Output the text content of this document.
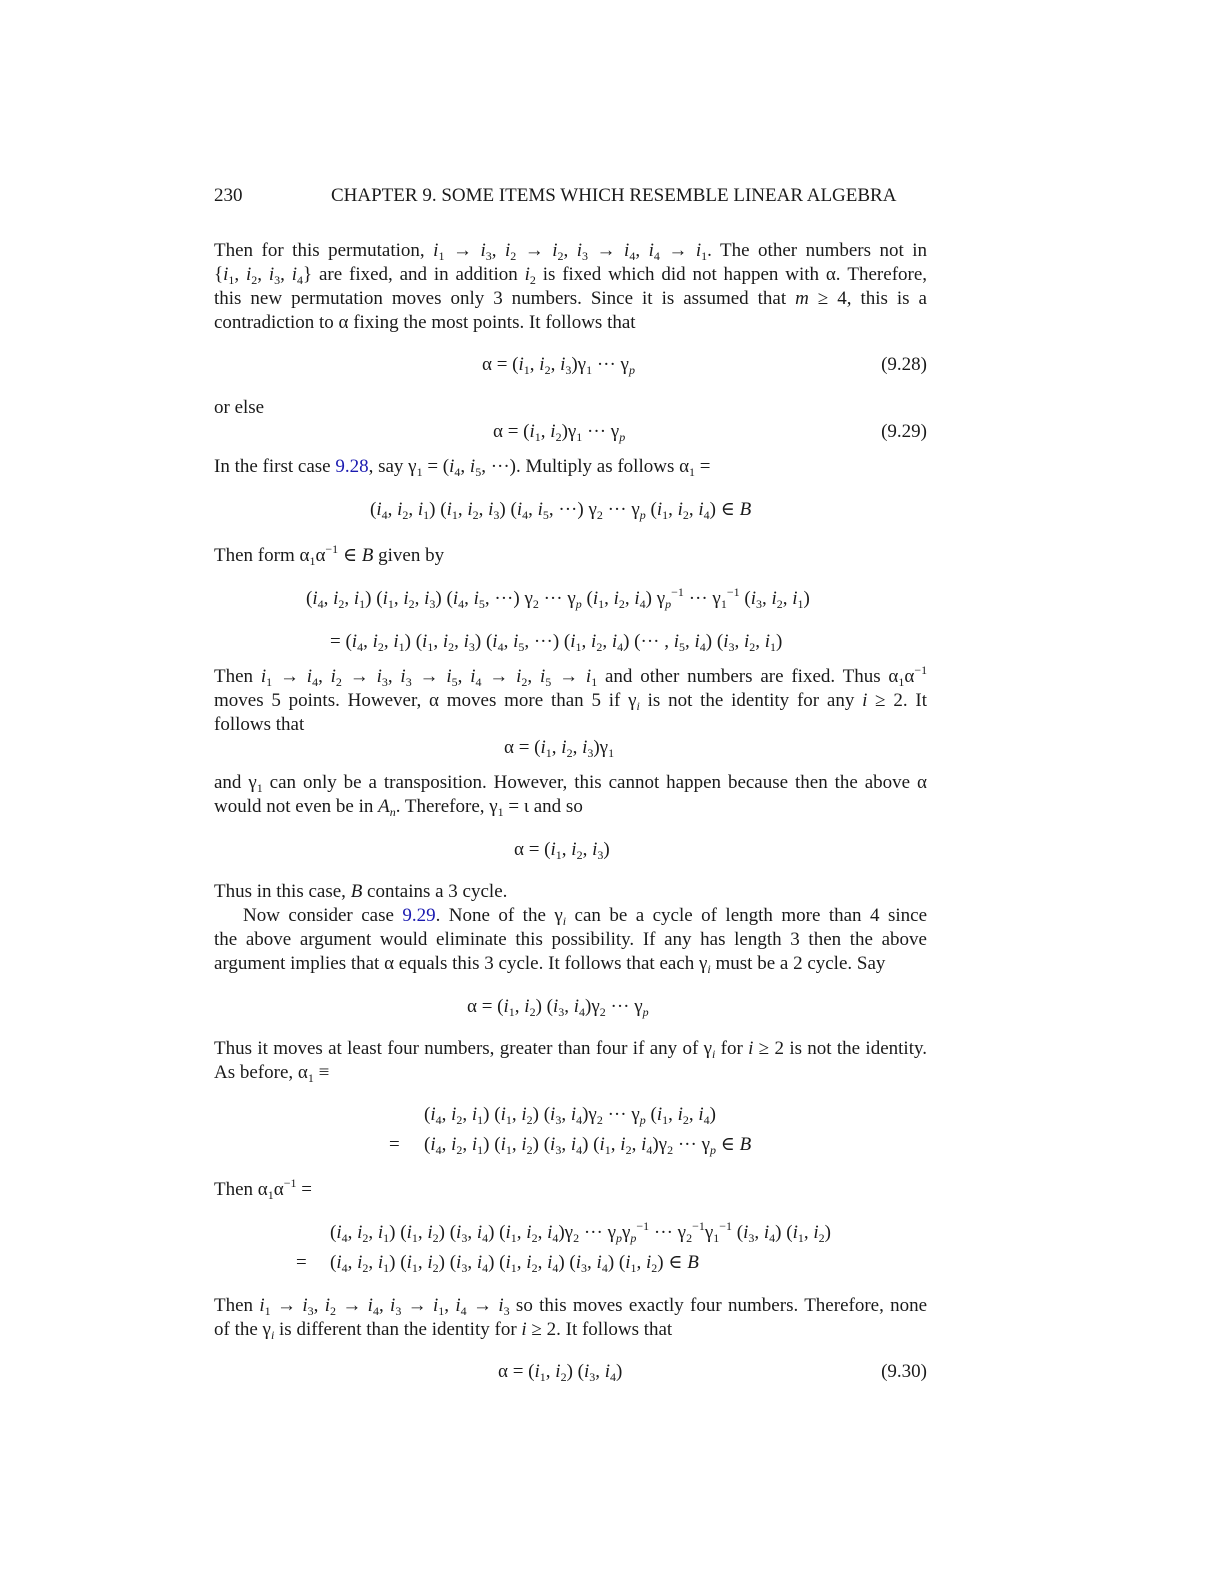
230	CHAPTER 9. SOME ITEMS WHICH RESEMBLE LINEAR ALGEBRA
Then for this permutation, $i_1 \to i_3$, $i_2 \to i_2$, $i_3 \to i_4$, $i_4 \to i_1$. The other numbers not in
{$i_1$, $i_2$, $i_3$, $i_4$} are fixed, and in addition $i_2$ is fixed which did not happen with α. Therefore,
this new permutation moves only 3 numbers. Since it is assumed that m ≥ 4, this is a
contradiction to α fixing the most points. It follows that
$\alpha = (i_1$, $i_2$, $i_3)\gamma_1$ ··· $\gamma_p$	(9.28)
or else
$\alpha = (i_1$, $i_2)\gamma_1$ ··· $\gamma_p$	(9.29)
In the first case 9.28, say $\gamma_1 = (i_4$, $i_5$, ···). Multiply as follows $\alpha_1$ =
($i_4$, $i_2$, $i_1$) ($i_1$, $i_2$, $i_3$) ($i_4$, $i_5$, ···) $\gamma_2$ ··· $\gamma_p$ ($i_1$, $i_2$, $i_4$) ∈ B
Then form $\alpha_1\alpha^{-1}$ ∈ B given by
($i_4$, $i_2$, $i_1$) ($i_1$, $i_2$, $i_3$) ($i_4$, $i_5$, ···) $\gamma_2$ ··· $\gamma_p$ ($i_1$, $i_2$, $i_4$) $\gamma_p^{-1}$ ··· $\gamma_1^{-1}$ ($i_3$, $i_2$, $i_1$)
= ($i_4$, $i_2$, $i_1$) ($i_1$, $i_2$, $i_3$) ($i_4$, $i_5$, ···) ($i_1$, $i_2$, $i_4$) (··· , $i_5$, $i_4$) ($i_3$, $i_2$, $i_1$)
Then $i_1 \to i_4$, $i_2 \to i_3$, $i_3 \to i_5$, $i_4 \to i_2$, $i_5 \to i_1$ and other numbers are fixed. Thus $\alpha_1\alpha^{-1}$
moves 5 points. However, α moves more than 5 if $\gamma_i$ is not the identity for any i ≥ 2. It
follows that
$\alpha = (i_1$, $i_2$, $i_3)\gamma_1$
and $\gamma_1$ can only be a transposition. However, this cannot happen because then the above α
would not even be in $A_n$. Therefore, $\gamma_1 = \iota$ and so
$\alpha = (i_1$, $i_2$, $i_3$)
Thus in this case, B contains a 3 cycle.
Now consider case 9.29. None of the $\gamma_i$ can be a cycle of length more than 4 since
the above argument would eliminate this possibility. If any has length 3 then the above
argument implies that α equals this 3 cycle. It follows that each $\gamma_i$ must be a 2 cycle. Say
$\alpha = (i_1$, $i_2$) ($i_3$, $i_4)\gamma_2$ ··· $\gamma_p$
Thus it moves at least four numbers, greater than four if any of $\gamma_i$ for i ≥ 2 is not the identity.
As before, $\alpha_1$ ≡
($i_4$, $i_2$, $i_1$) ($i_1$, $i_2$) ($i_3$, $i_4)\gamma_2$ ··· $\gamma_p$ ($i_1$, $i_2$, $i_4$)
= ($i_4$, $i_2$, $i_1$) ($i_1$, $i_2$) ($i_3$, $i_4$) ($i_1$, $i_2$, $i_4)\gamma_2$ ··· $\gamma_p$ ∈ B
Then $\alpha_1\alpha^{-1}$ =
($i_4$, $i_2$, $i_1$) ($i_1$, $i_2$) ($i_3$, $i_4$) ($i_1$, $i_2$, $i_4)\gamma_2$ ··· $\gamma_p\gamma_p^{-1}$ ··· $\gamma_2^{-1}\gamma_1^{-1}$ ($i_3$, $i_4$) ($i_1$, $i_2$)
= ($i_4$, $i_2$, $i_1$) ($i_1$, $i_2$) ($i_3$, $i_4$) ($i_1$, $i_2$, $i_4$) ($i_3$, $i_4$) ($i_1$, $i_2$) ∈ B
Then $i_1 \to i_3$, $i_2 \to i_4$, $i_3 \to i_1$, $i_4 \to i_3$ so this moves exactly four numbers. Therefore, none
of the $\gamma_i$ is different than the identity for i ≥ 2. It follows that
$\alpha = (i_1$, $i_2$) ($i_3$, $i_4$)	(9.30)
